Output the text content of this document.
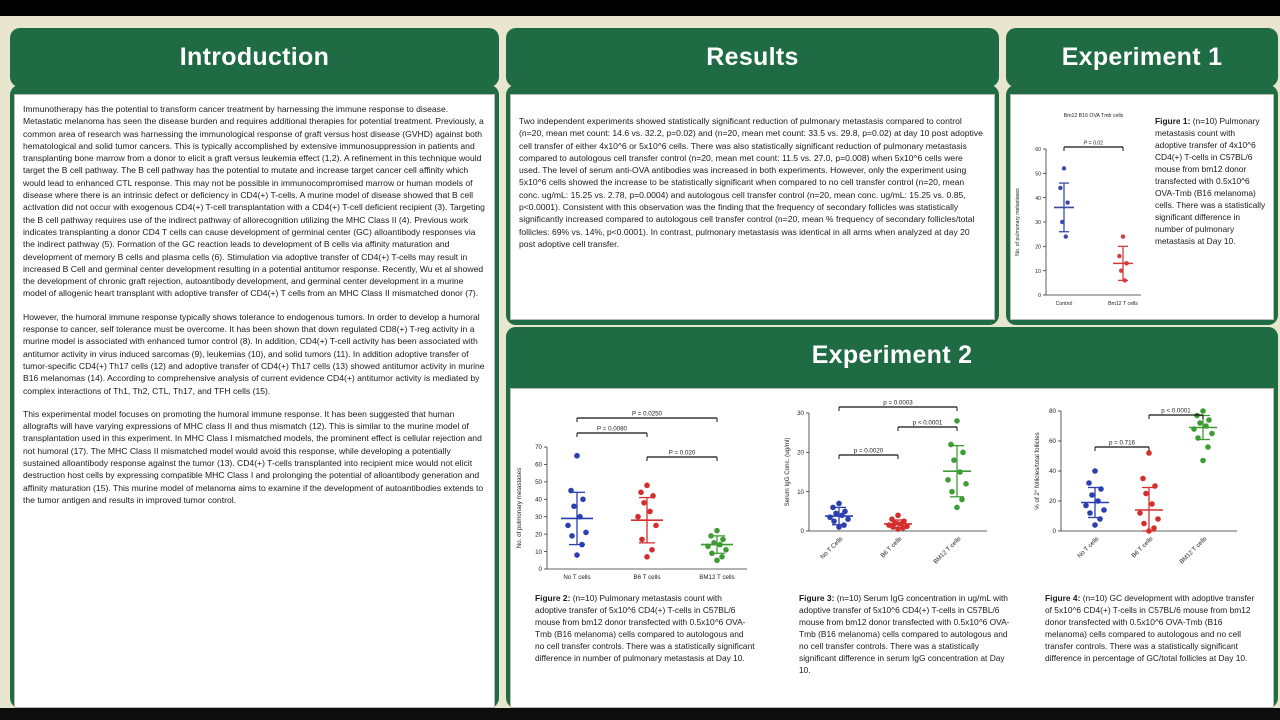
Introduction	Results	Experiment 1
Experiment 2

Immunotherapy has the potential to transform cancer treatment by harnessing the immune response to disease. Metastatic melanoma has seen the disease burden and requires additional therapies for potential treatment. Previously, a common area of research was harnessing the immunological response of graft versus host disease (GVHD) against both hematological and solid tumor cancers. This is typically accomplished by extensive immunosuppression in patients and transplanting bone marrow from a donor to elicit a graft versus leukemia effect (1,2). A refinement in this technique would target the B cell pathway. The B cell pathway has the potential to mutate and increase target cancer cell affinity which would lead to enhanced CTL response. This may not be possible in immunocompromised marrow or human models of disease where there is an intrinsic defect or deficiency in CD4(+) T-cells. A murine model of disease showed that B cell activation did not occur with exogenous CD4(+) T-cell transplantation with a CD4(+) T-cell deficient recipient (3). Targeting the B cell pathway requires use of the indirect pathway of allorecognition utilizing the MHC Class II (4). Previous work indicates transplanting a donor CD4 T cells can cause development of germinal center (GC) alloantibody responses via the indirect pathway (5). Formation of the GC reaction leads to development of B cells via affinity maturation and development of memory B cells and plasma cells (6). Stimulation via adoptive transfer of CD4(+) T-cells may result in increased B Cell and germinal center development resulting in a potential antitumor response. Recently, Wu et al showed the development of chronic graft rejection, autoantibody development, and germinal center development in a murine model of allogenic heart transplant with adoptive transfer of CD4(+) T cells from an MHC Class II mismatched donor (7).

However, the humoral immune response typically shows tolerance to endogenous tumors. In order to develop a humoral response to cancer, self tolerance must be overcome. It has been shown that down regulated CD8(+) T-reg activity in a murine model is associated with enhanced tumor control (8). In addition, CD4(+) T-cell activity has been associated with antitumor activity in virus induced sarcomas (9), leukemias (10), and solid tumors (11). In addition adoptive transfer of tumor-specific CD4(+) Th17 cells (12) and adoptive transfer of CD4(+) Th17 cells (13) showed antitumor activity in murine B16 melanomas (14). According to comprehensive analysis of current evidence CD4(+) antitumor activity is mediated by complex interactions of Th1, Th2, CTL, Th17, and TFH cells (15).

This experimental model focuses on promoting the humoral immune response. It has been suggested that human allografts will have varying expressions of MHC class II and thus mismatch (12). This is similar to the murine model of transplantation used in this experiment. In MHC Class I mismatched models, the prominent effect is cellular rejection and not humoral (17). The MHC Class II mismatched model would avoid this response, while developing a potentially sustained alloantibody response against the tumor (13). CD4(+) T-cells transplanted into recipient mice would not elicit destruction host cells by expressing compatible MHC Class I and prolonging the potential of alloantibody generation and affinity maturation (15). This murine model of melanoma aims to examine if the development of autoantibodies extends to the tumor antigen and results in improved tumor control.

Two independent experiments showed statistically significant reduction of pulmonary metastasis compared to control (n=20, mean met count: 14.6 vs. 32.2, p=0.02) and (n=20, mean met count: 33.5 vs. 29.8, p=0.02) at day 10 post adoptive cell transfer of either 4x10^6 or 5x10^6 cells. There was also statistically significant reduction of pulmonary metastasis compared to autologous cell transfer control (n=20, mean met count: 11.5 vs. 27.0, p=0.008) when 5x10^6 cells were used. The level of serum anti-OVA antibodies was increased in both experiments. However, only the experiment using 5x10^6 cells showed the increase to be statistically significant when compared to no cell transfer control (n=20, mean conc. ug/mL: 15.25 vs. 2.78, p=0.0004) and autologous cell transfer control (n=20, mean conc. ug/mL: 15.25 vs. 0.85, p<0.0001). Consistent with this observation was the finding that the frequency of secondary follicles was statistically significantly increased compared to autologous cell transfer control (n=20, mean % frequency of secondary follicles/total follicles: 69% vs. 14%, p<0.0001). In contrast, pulmonary metastasis was identical in all arms when analyzed at day 20 post adoptive cell transfer.

Bm12 B16 OVA Tmb cells
0
10
20
30
40
50
60
No. of pulmonary metastases
Control	Bm12 T cells
P = 0.02
Figure 1: (n=10) Pulmonary metastasis count with adoptive transfer of 4x10^6 CD4(+) T-cells in C57BL/6 mouse from bm12 donor transfected with 0.5x10^6 OVA-Tmb (B16 melanoma) cells. There was a statistically significant difference in number of pulmonary metastasis at Day 10.
0
10
20
30
40
50
60
70
No. of pulmonary metastases
No T cells	B6 T cells	BM12 T cells
P = 0.0080
P = 0.020
P = 0.0250
Figure 2: (n=10) Pulmonary metastasis count with adoptive transfer of 5x10^6 CD4(+) T-cells in C57BL/6 mouse from bm12 donor transfected with 0.5x10^6 OVA-Tmb (B16 melanoma) cells compared to autologous and no cell transfer controls. There was a statistically significant difference in number of pulmonary metastasis at Day 10.
0
10
20
30
Serum IgG Conc. (ug/ml)
No T Cells	B6 T cells	BM12 T cells
p = 0.0020
p < 0.0001
p = 0.0003
Figure 3: (n=10) Serum IgG concentration in ug/mL with adoptive transfer of 5x10^6 CD4(+) T-cells in C57BL/6 mouse from bm12 donor transfected with 0.5x10^6 OVA-Tmb (B16 melanoma) cells compared to autologous and no cell transfer controls. There was a statistically significant difference in serum IgG concentration at Day 10.
0
20
40
60
80
% of 2° follicles/total follicles
No T cells	B6 T cells	BM12 T cells
p = 0.716
p < 0.0001
Figure 4: (n=10) GC development with adoptive transfer of 5x10^6 CD4(+) T-cells in C57BL/6 mouse from bm12 donor transfected with 0.5x10^6 OVA-Tmb (B16 melanoma) cells compared to autologous and no cell transfer controls. There was a statistically significant difference in percentage of GC/total follicles at Day 10.
